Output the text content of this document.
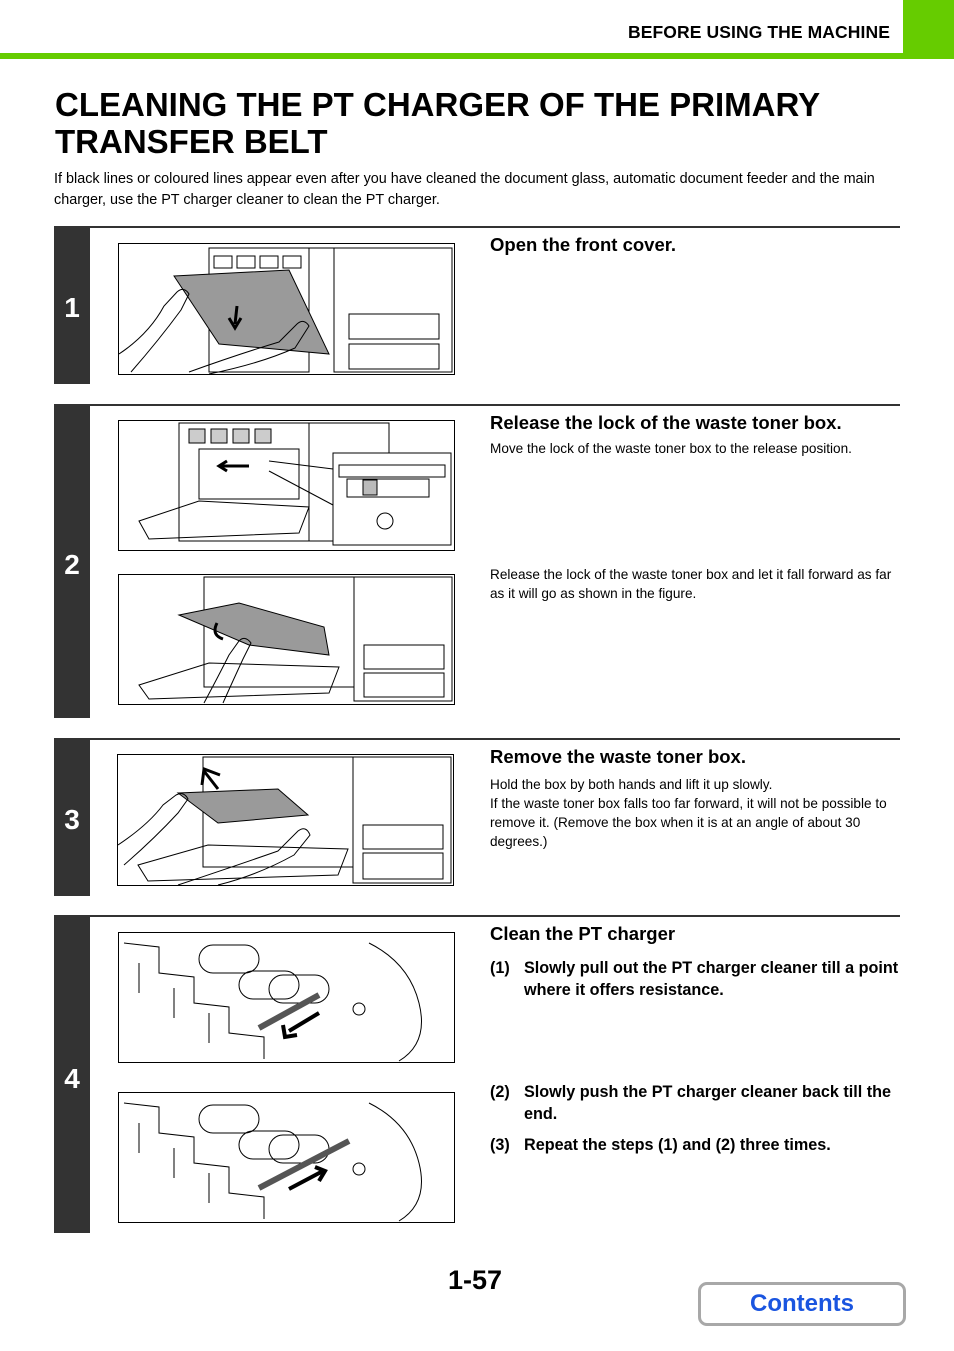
BEFORE USING THE MACHINE
CLEANING THE PT CHARGER OF THE PRIMARY TRANSFER BELT

If black lines or coloured lines appear even after you have cleaned the document glass, automatic document feeder and the main charger, use the PT charger cleaner to clean the PT charger.

1
Open the front cover.
2
Release the lock of the waste toner box.

Move the lock of the waste toner box to the release position.

Release the lock of the waste toner box and let it fall forward as far as it will go as shown in the figure.

3
Remove the waste toner box.

Hold the box by both hands and lift it up slowly.
If the waste toner box falls too far forward, it will not be possible to remove it. (Remove the box when it is at an angle of about 30 degrees.)

4
Clean the PT charger
(1) Slowly pull out the PT charger cleaner till a point where it offers resistance.
(2) Slowly push the PT charger cleaner back till the end.
(3) Repeat the steps (1) and (2) three times.
1-57
Contents
